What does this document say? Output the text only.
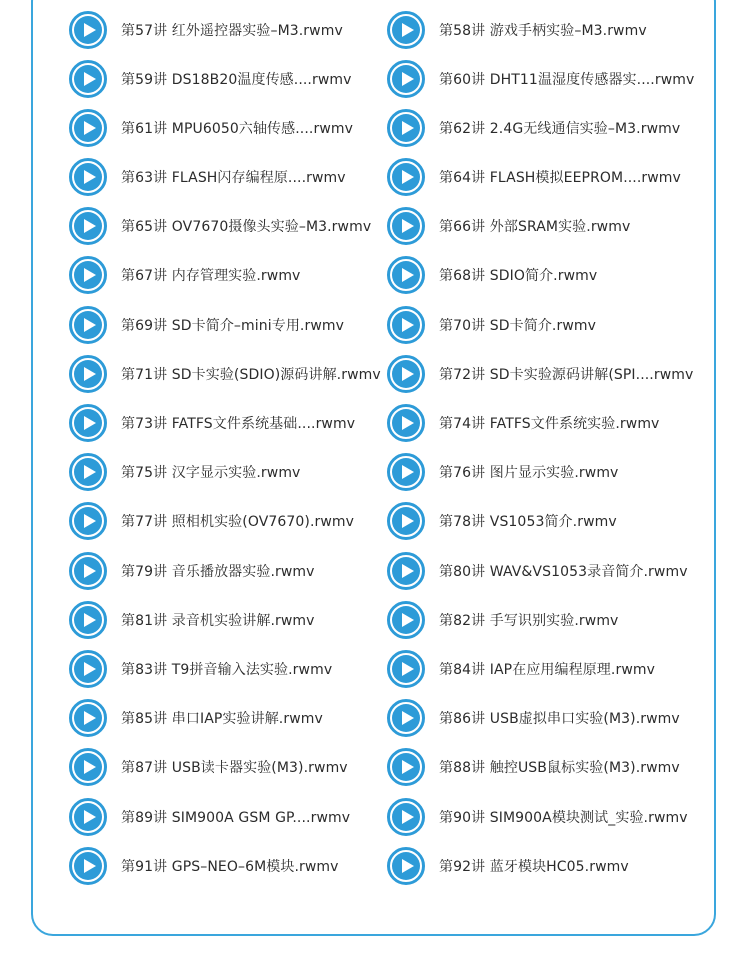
第57讲 红外遥控器实验–M3.rwmv	第58讲 游戏手柄实验–M3.rwmv
第59讲 DS18B20温度传感....rwmv	第60讲 DHT11温湿度传感器实....rwmv
第61讲 MPU6050六轴传感....rwmv	第62讲 2.4G无线通信实验–M3.rwmv
第63讲 FLASH闪存编程原....rwmv	第64讲 FLASH模拟EEPROM....rwmv
第65讲 OV7670摄像头实验–M3.rwmv	第66讲 外部SRAM实验.rwmv
第67讲 内存管理实验.rwmv	第68讲 SDIO简介.rwmv
第69讲 SD卡简介–mini专用.rwmv	第70讲 SD卡简介.rwmv
第71讲 SD卡实验(SDIO)源码讲解.rwmv	第72讲 SD卡实验源码讲解(SPI....rwmv
第73讲 FATFS文件系统基础....rwmv	第74讲 FATFS文件系统实验.rwmv
第75讲 汉字显示实验.rwmv	第76讲 图片显示实验.rwmv
第77讲 照相机实验(OV7670).rwmv	第78讲 VS1053简介.rwmv
第79讲 音乐播放器实验.rwmv	第80讲 WAV&VS1053录音简介.rwmv
第81讲 录音机实验讲解.rwmv	第82讲 手写识别实验.rwmv
第83讲 T9拼音输入法实验.rwmv	第84讲 IAP在应用编程原理.rwmv
第85讲 串口IAP实验讲解.rwmv	第86讲 USB虚拟串口实验(M3).rwmv
第87讲 USB读卡器实验(M3).rwmv	第88讲 触控USB鼠标实验(M3).rwmv
第89讲 SIM900A GSM GP....rwmv	第90讲 SIM900A模块测试_实验.rwmv
第91讲 GPS–NEO–6M模块.rwmv	第92讲 蓝牙模块HC05.rwmv
